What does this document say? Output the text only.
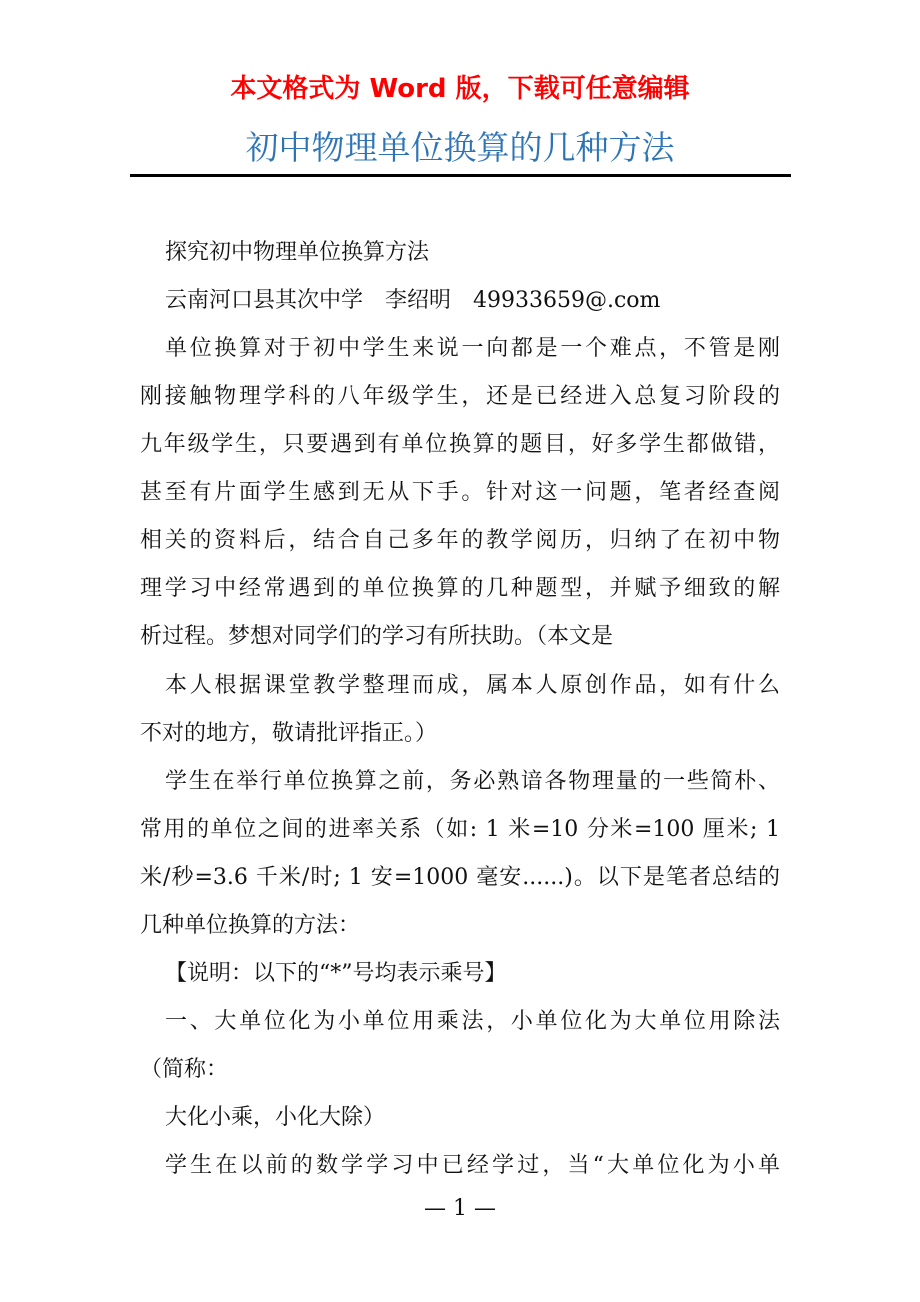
本文格式为 Word 版，下载可任意编辑
初中物理单位换算的几种方法
探究初中物理单位换算方法
云南河口县其次中学　李绍明　49933659@.com
单位换算对于初中学生来说一向都是一个难点，不管是刚
刚接触物理学科的八年级学生，还是已经进入总复习阶段的
九年级学生，只要遇到有单位换算的题目，好多学生都做错，
甚至有片面学生感到无从下手。针对这一问题，笔者经查阅
相关的资料后，结合自己多年的教学阅历，归纳了在初中物
理学习中经常遇到的单位换算的几种题型，并赋予细致的解
析过程。梦想对同学们的学习有所扶助。（本文是
本人根据课堂教学整理而成，属本人原创作品，如有什么
不对的地方，敬请批评指正。）
学生在举行单位换算之前，务必熟谙各物理量的一些简朴、
常用的单位之间的进率关系（如: 1 米=10 分米=100 厘米; 1
米/秒=3.6 千米/时; 1 安=1000 毫安......)。以下是笔者总结的
几种单位换算的方法：
【说明：以下的“*”号均表示乘号】
一、大单位化为小单位用乘法，小单位化为大单位用除法
（简称：
大化小乘，小化大除）
学生在以前的数学学习中已经学过，当“大单位化为小单
— 1 —
